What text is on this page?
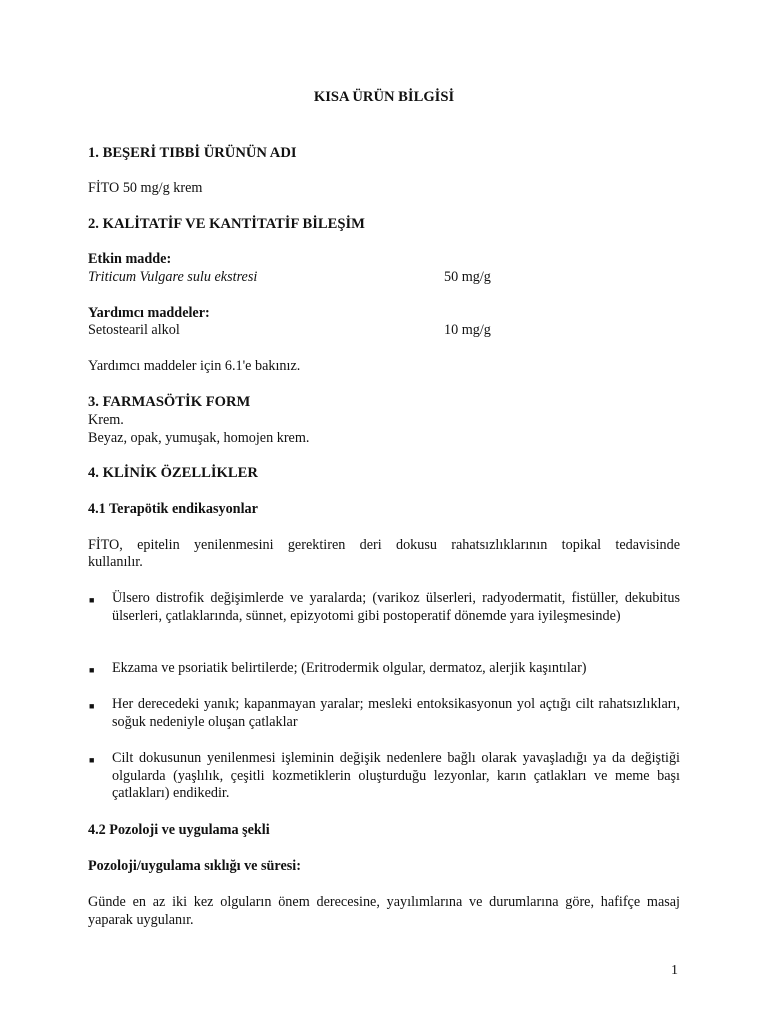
KISA ÜRÜN BİLGİSİ
1. BEŞERİ TIBBİ ÜRÜNÜN ADI
FİTO 50 mg/g krem
2. KALİTATİF VE KANTİTATİF BİLEŞİM
Etkin madde:
Triticum Vulgare sulu ekstresi	50 mg/g
Yardımcı maddeler:
Setostearil alkol	10 mg/g
Yardımcı maddeler için 6.1'e bakınız.
3. FARMASÖTİK FORM
Krem.
Beyaz, opak, yumuşak, homojen krem.
4. KLİNİK ÖZELLİKLER
4.1 Terapötik endikasyonlar
FİTO, epitelin yenilenmesini gerektiren deri dokusu rahatsızlıklarının topikal tedavisinde
kullanılır.
■ Ülsero distrofik değişimlerde ve yaralarda; (varikoz ülserleri, radyodermatit, fistüller, dekubitus ülserleri, çatlaklarında, sünnet, epizyotomi gibi postoperatif dönemde yara iyileşmesinde)
■ Ekzama ve psoriatik belirtilerde; (Eritrodermik olgular, dermatoz, alerjik kaşıntılar)
■ Her derecedeki yanık; kapanmayan yaralar; mesleki entoksikasyonun yol açtığı cilt rahatsızlıkları, soğuk nedeniyle oluşan çatlaklar
■ Cilt dokusunun yenilenmesi işleminin değişik nedenlere bağlı olarak yavaşladığı ya da değiştiği olgularda (yaşlılık, çeşitli kozmetiklerin oluşturduğu lezyonlar, karın çatlakları ve meme başı çatlakları) endikedir.
4.2 Pozoloji ve uygulama şekli
Pozoloji/uygulama sıklığı ve süresi:
Günde en az iki kez olguların önem derecesine, yayılımlarına ve durumlarına göre, hafifçe masaj yaparak uygulanır.
1
